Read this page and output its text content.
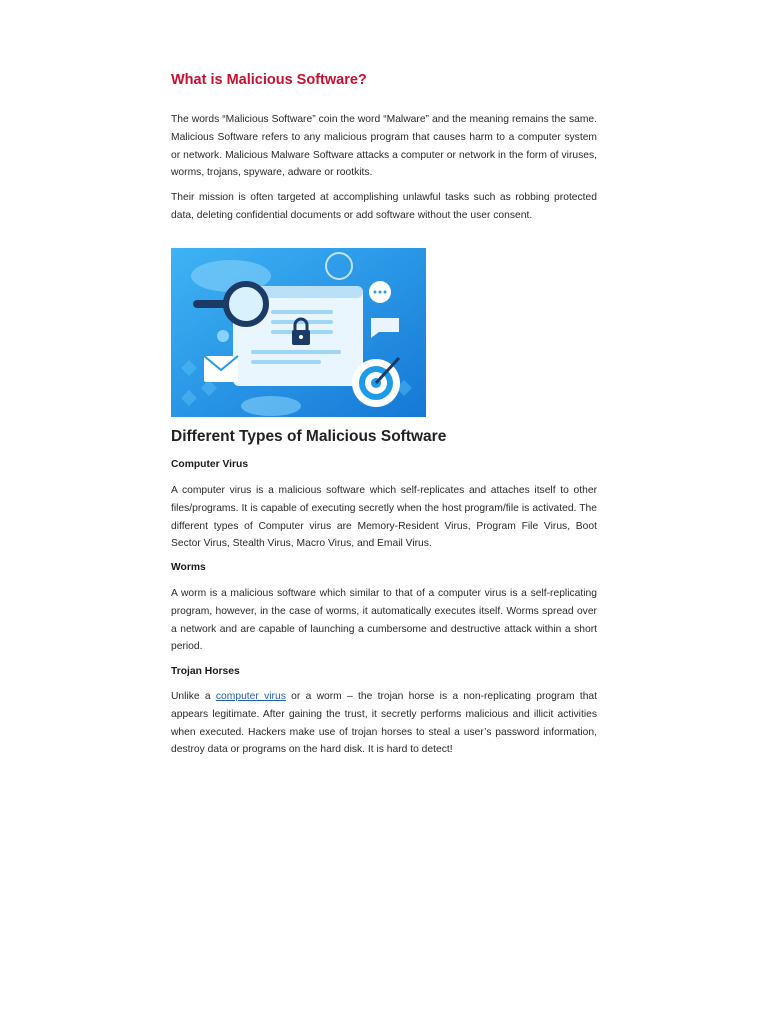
What is Malicious Software?

The words “Malicious Software” coin the word “Malware” and the meaning remains the same. Malicious Software refers to any malicious program that causes harm to a computer system or network. Malicious Malware Software attacks a computer or network in the form of viruses, worms, trojans, spyware, adware or rootkits.

Their mission is often targeted at accomplishing unlawful tasks such as robbing protected data, deleting confidential documents or add software without the user consent.

Different Types of Malicious Software
Computer Virus

A computer virus is a malicious software which self-replicates and attaches itself to other files/programs. It is capable of executing secretly when the host program/file is activated. The different types of Computer virus are Memory-Resident Virus, Program File Virus, Boot Sector Virus, Stealth Virus, Macro Virus, and Email Virus.

Worms

A worm is a malicious software which similar to that of a computer virus is a self-replicating program, however, in the case of worms, it automatically executes itself. Worms spread over a network and are capable of launching a cumbersome and destructive attack within a short period.

Trojan Horses

Unlike a computer virus or a worm – the trojan horse is a non-replicating program that appears legitimate. After gaining the trust, it secretly performs malicious and illicit activities when executed. Hackers make use of trojan horses to steal a user’s password information, destroy data or programs on the hard disk. It is hard to detect!
